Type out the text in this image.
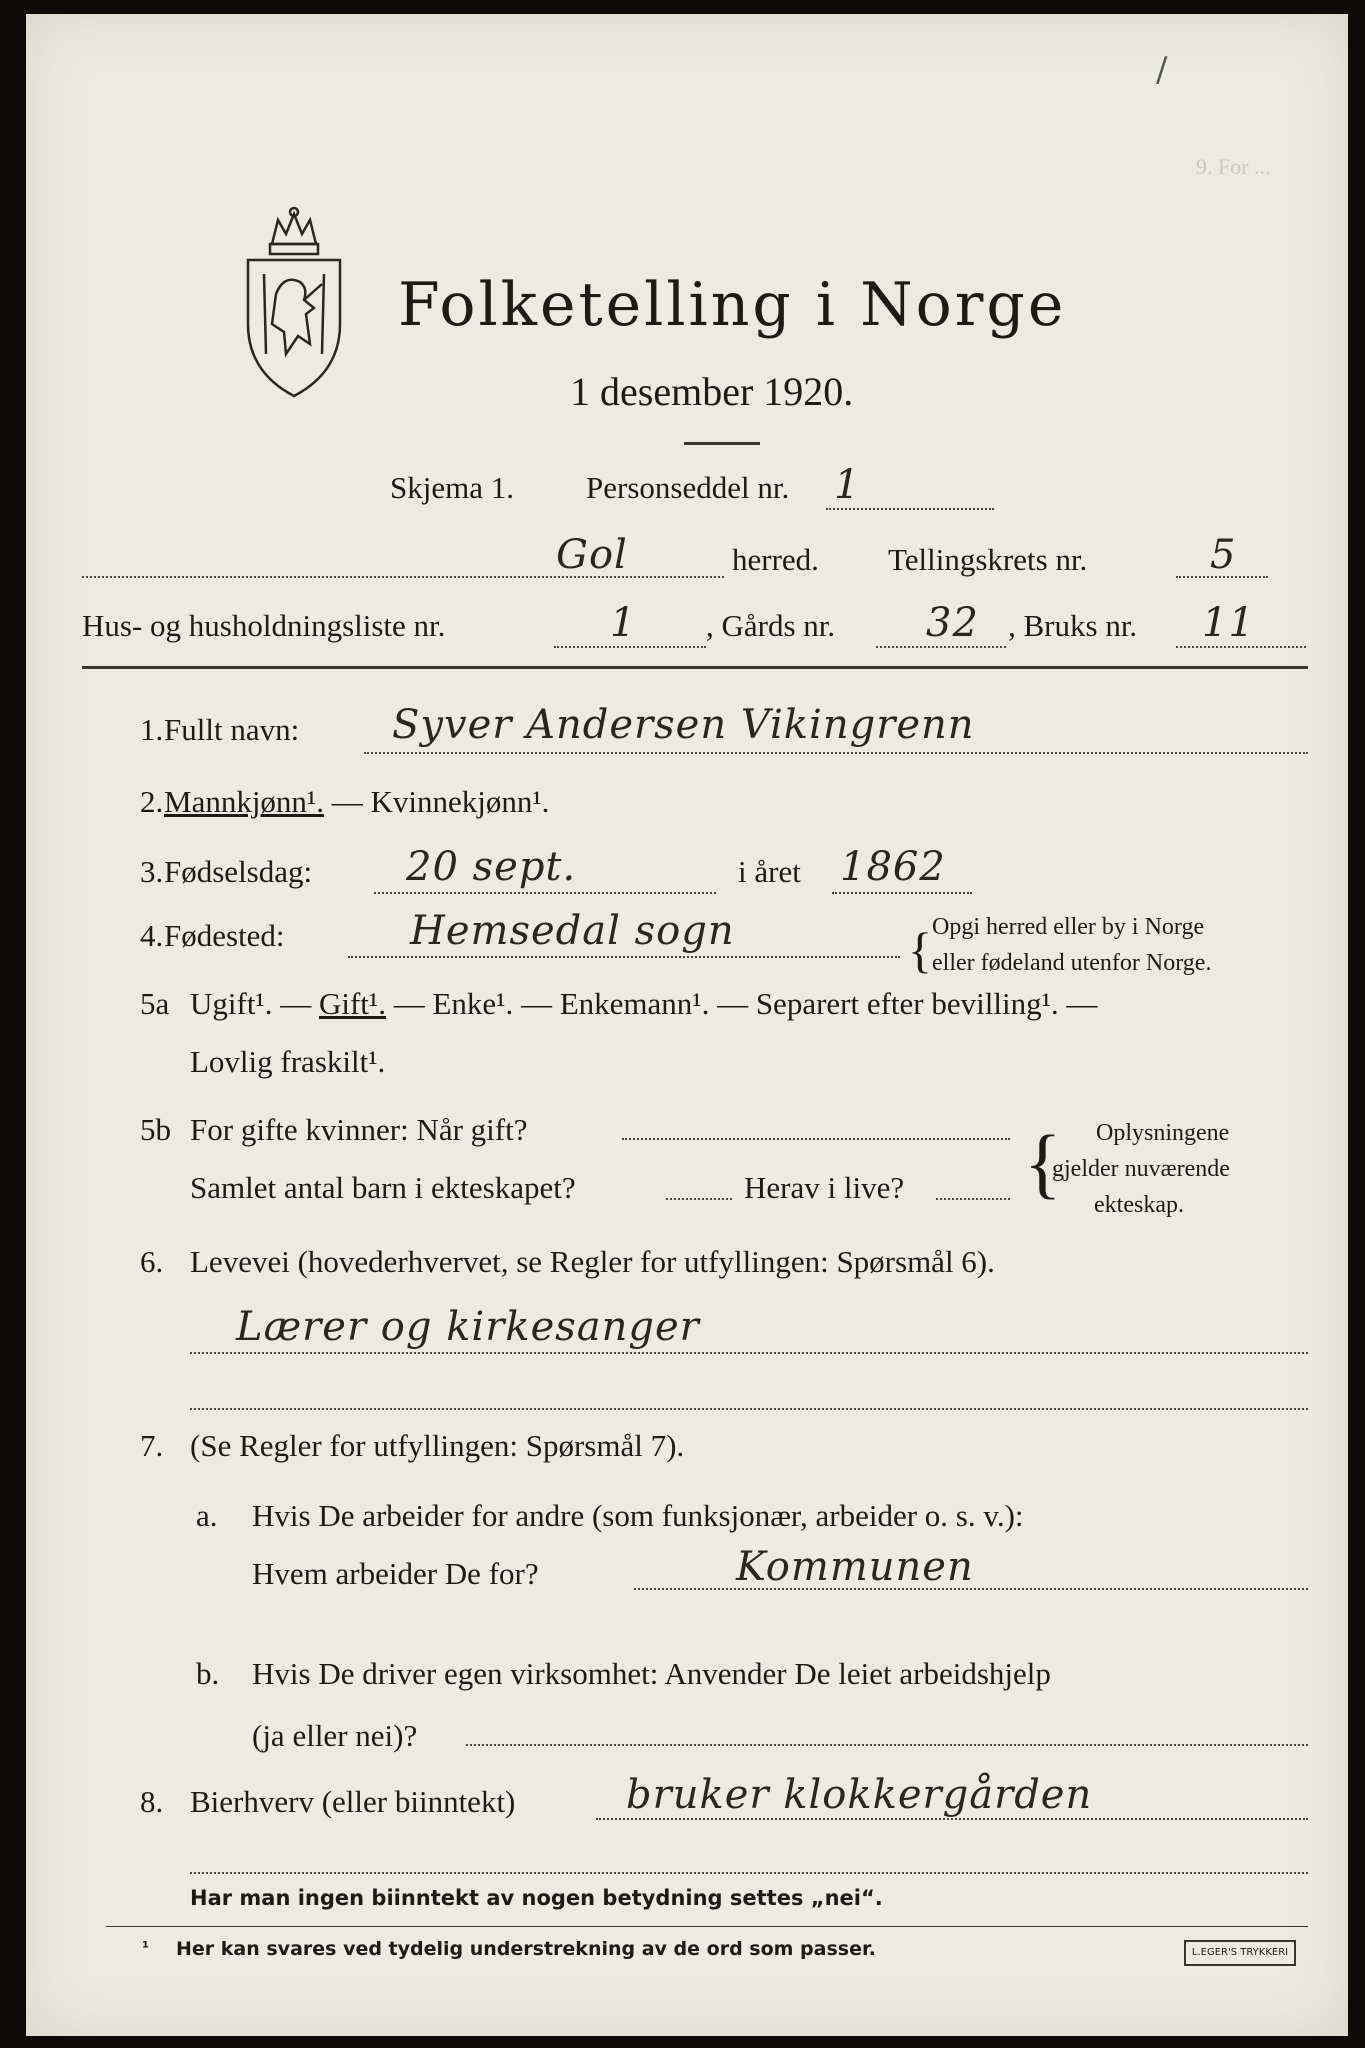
9. For ...
/
Folketelling i Norge
1 desember 1920.
Skjema 1. Personseddel nr. 1
Gol	herred. Tellingskrets nr.	5
Hus- og husholdningsliste nr.	1 , Gårds nr. 32 , Bruks nr. 11
1. Fullt navn: Syver Andersen Vikingrenn
2. Mannkjønn¹. — Kvinnekjønn¹.
3. Fødselsdag: 20 sept.	i året 1862
4. Fødested:	Hemsedal sogn	{ Opgi herred eller by i Norge
eller fødeland utenfor Norge.
5a Ugift¹. — Gift¹. — Enke¹. — Enkemann¹. — Separert efter bevilling¹. —
Lovlig fraskilt¹.
5b For gifte kvinner: Når gift?
Samlet antal barn i ekteskapet?	Herav i live? { Oplysningene
gjelder nuværende
ekteskap.
6. Levevei (hovederhvervet, se Regler for utfyllingen: Spørsmål 6).
Lærer og kirkesanger
7. (Se Regler for utfyllingen: Spørsmål 7).
a. Hvis De arbeider for andre (som funksjonær, arbeider o. s. v.):
Hvem arbeider De for?	Kommunen
b. Hvis De driver egen virksomhet: Anvender De leiet arbeidshjelp
(ja eller nei)?
8. Bierhverv (eller biinntekt)	bruker klokkergården
Har man ingen biinntekt av nogen betydning settes „nei“.
¹ Her kan svares ved tydelig understrekning av de ord som passer.	L.EGER'S TRYKKERI
